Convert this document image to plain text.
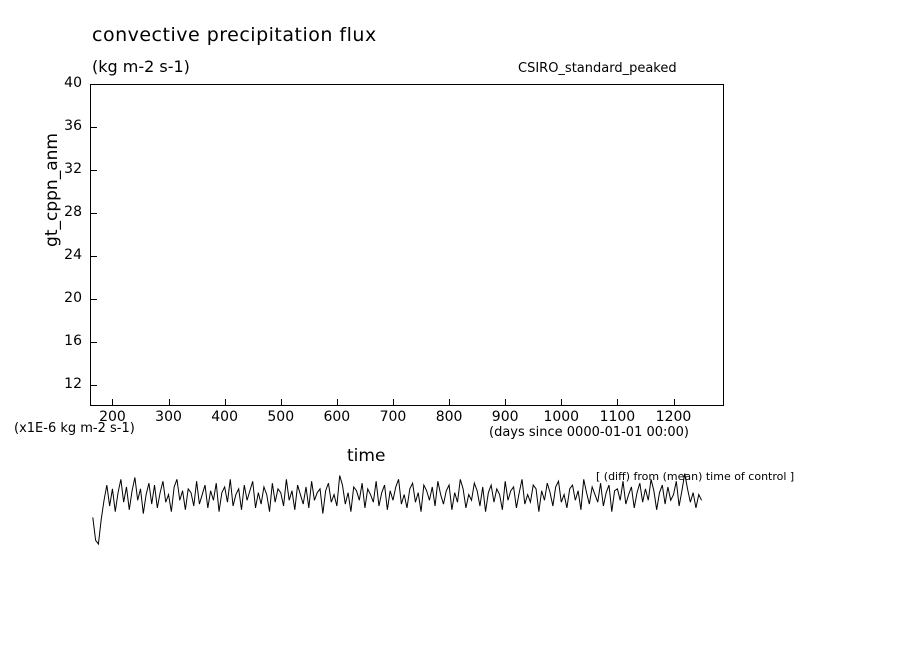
convective precipitation flux
(kg m-2 s-1)	CSIRO_standard_peaked
gt_cppn_anm
12
16
20
24
28
32
36
40
200	300	400	500	600	700	800	900	1000	1100	1200
time
(days since 0000-01-01 00:00)
(x1E-6 kg m-2 s-1)
[ (diff) from (mean) time of control ]
